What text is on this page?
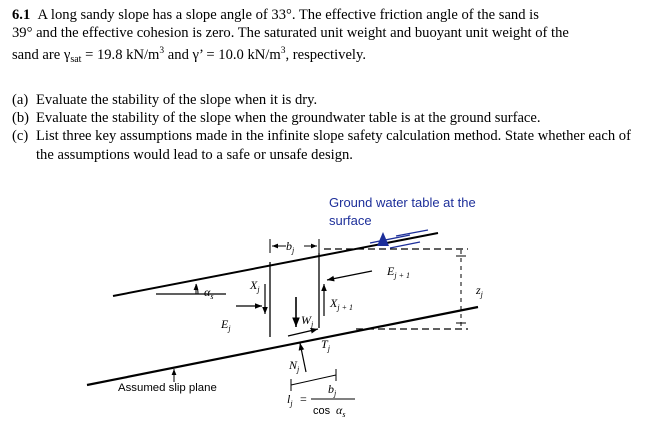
6.1 A long sandy slope has a slope angle of 33°. The effective friction angle of the sand is

39° and the effective cohesion is zero. The saturated unit weight and buoyant unit weight of the

sand are $\gamma_{sat} = 19.8$ $kN/m^3$ and γ’ = 10.0 $kN/m^3$, respectively.

(a) Evaluate the stability of the slope when it is dry.
(b) Evaluate the stability of the slope when the groundwater table is at the ground surface.
(c) List three key assumptions made in the infinite slope safety calculation method. State whether each of the assumptions would lead to a safe or unsafe design.
$b_j$
$\alpha_s$
$X_j$
$E_j$
$W_j$
$X_{j + 1}$
$E_{j + 1}$
$z_j$
$T_j$
$N_j$
$l_j$ =
$b_j$
$\cos \alpha_s$
Ground water table at the surface
Assumed slip plane
